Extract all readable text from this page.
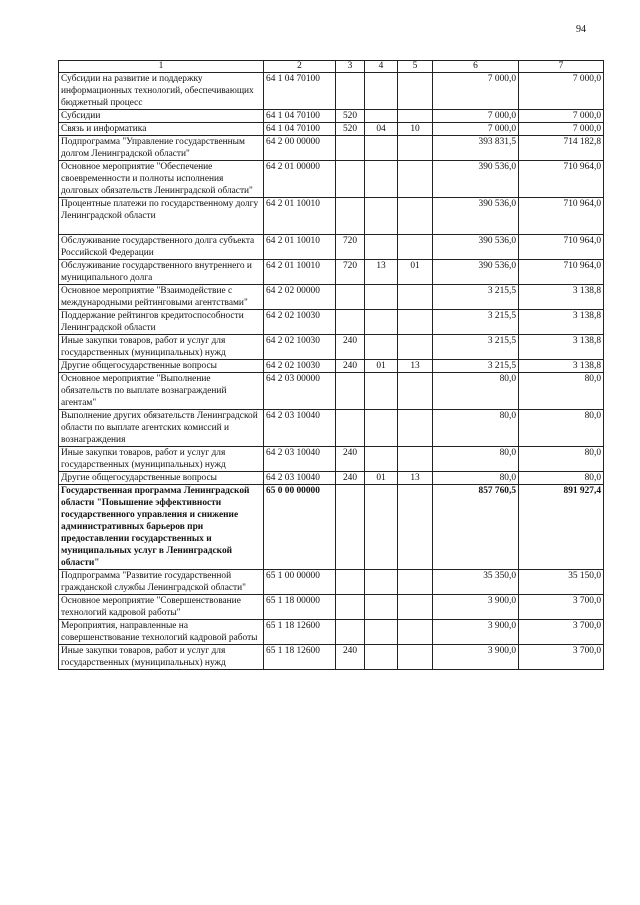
94
1	2	3	4	5	6	7
Субсидии на развитие и поддержку информационных технологий, обеспечивающих бюджетный процесс	64 1 04 70100				7 000,0	7 000,0
Субсидии	64 1 04 70100	520			7 000,0	7 000,0
Связь и информатика	64 1 04 70100	520	04	10	7 000,0	7 000,0
Подпрограмма "Управление государственным долгом Ленинградской области"	64 2 00 00000				393 831,5	714 182,8
Основное мероприятие "Обеспечение своевременности и полноты исполнения долговых обязательств Ленинградской области"	64 2 01 00000				390 536,0	710 964,0
Процентные платежи по государственному долгу Ленинградской области	64 2 01 10010				390 536,0	710 964,0
Обслуживание государственного долга субъекта Российской Федерации	64 2 01 10010	720			390 536,0	710 964,0
Обслуживание государственного внутреннего и муниципального долга	64 2 01 10010	720	13	01	390 536,0	710 964,0
Основное мероприятие "Взаимодействие с международными рейтинговыми агентствами"	64 2 02 00000				3 215,5	3 138,8
Поддержание рейтингов кредитоспособности Ленинградской области	64 2 02 10030				3 215,5	3 138,8
Иные закупки товаров, работ и услуг для государственных (муниципальных) нужд	64 2 02 10030	240			3 215,5	3 138,8
Другие общегосударственные вопросы	64 2 02 10030	240	01	13	3 215,5	3 138,8
Основное мероприятие "Выполнение обязательств по выплате вознаграждений агентам"	64 2 03 00000				80,0	80,0
Выполнение других обязательств Ленинградской области по выплате агентских комиссий и вознаграждения	64 2 03 10040				80,0	80,0
Иные закупки товаров, работ и услуг для государственных (муниципальных) нужд	64 2 03 10040	240			80,0	80,0
Другие общегосударственные вопросы	64 2 03 10040	240	01	13	80,0	80,0
Государственная программа Ленинградской области "Повышение эффективности государственного управления и снижение административных барьеров при предоставлении государственных и муниципальных услуг в Ленинградской области"	65 0 00 00000				857 760,5	891 927,4
Подпрограмма "Развитие государственной гражданской службы Ленинградской области"	65 1 00 00000				35 350,0	35 150,0
Основное мероприятие "Совершенствование технологий кадровой работы"	65 1 18 00000				3 900,0	3 700,0
Мероприятия, направленные на совершенствование технологий кадровой работы	65 1 18 12600				3 900,0	3 700,0
Иные закупки товаров, работ и услуг для государственных (муниципальных) нужд	65 1 18 12600	240			3 900,0	3 700,0
